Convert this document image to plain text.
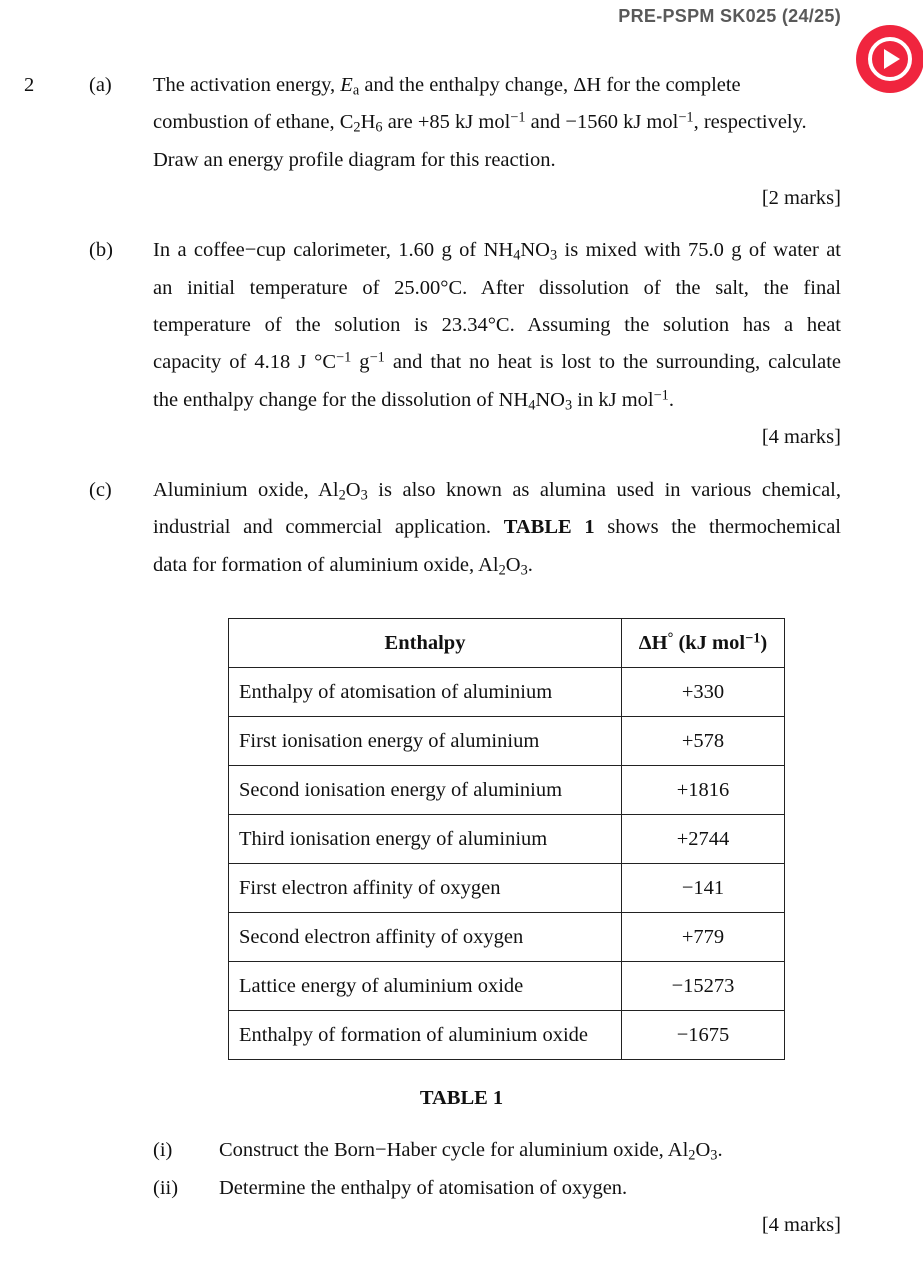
PRE-PSPM SK025 (24/25)
2	(a) The activation energy, $E_a$ and the enthalpy change, ΔH for the complete
combustion of ethane, $C_2H_6$ are +85 kJ mol$^{-1}$ and −1560 kJ mol$^{-1}$, respectively.
Draw an energy profile diagram for this reaction.
[2 marks]
(b) In a coffee−cup calorimeter, 1.60 g of $NH_4NO_3$ is mixed with 75.0 g of water at
an initial temperature of 25.00°C. After dissolution of the salt, the final
temperature of the solution is 23.34°C. Assuming the solution has a heat
capacity of 4.18 J $^\circ C^{-1}$ $g^{-1}$ and that no heat is lost to the surrounding, calculate
the enthalpy change for the dissolution of $NH_4NO_3$ in kJ mol$^{-1}$.
[4 marks]
(c) Aluminium oxide, $Al_2O_3$ is also known as alumina used in various chemical,
industrial and commercial application. TABLE 1 shows the thermochemical
data for formation of aluminium oxide, $Al_2O_3$.
Enthalpy	ΔH° (kJ mol$^{-1}$)
Enthalpy of atomisation of aluminium	+330
First ionisation energy of aluminium	+578
Second ionisation energy of aluminium	+1816
Third ionisation energy of aluminium	+2744
First electron affinity of oxygen	−141
Second electron affinity of oxygen	+779
Lattice energy of aluminium oxide	−15273
Enthalpy of formation of aluminium oxide	−1675
TABLE 1
(i) Construct the Born−Haber cycle for aluminium oxide, $Al_2O_3$.
(ii) Determine the enthalpy of atomisation of oxygen.
[4 marks]
